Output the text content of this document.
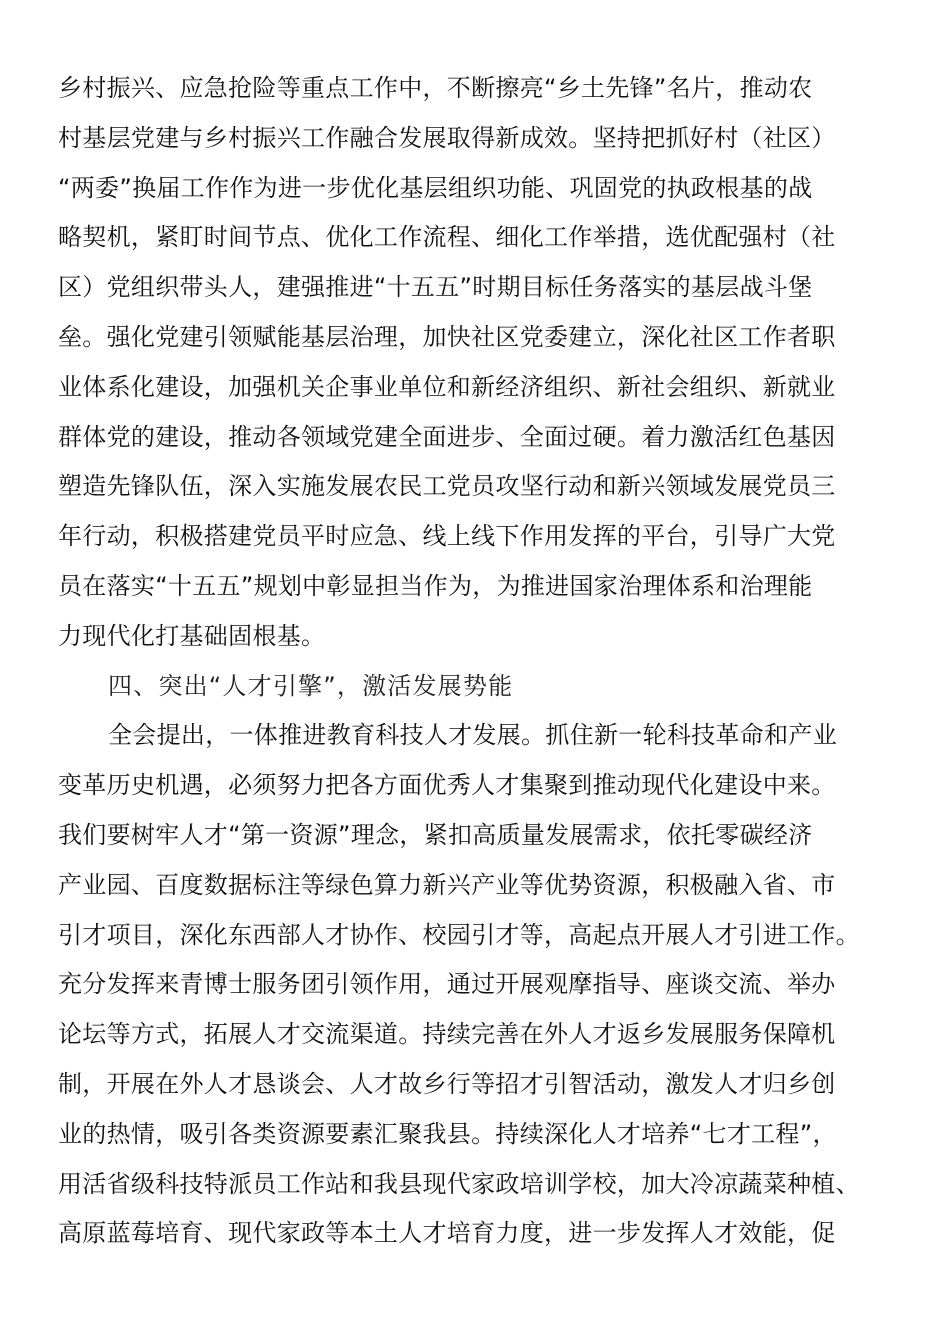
乡村振兴、应急抢险等重点工作中，不断擦亮“乡土先锋”名片，推动农
村基层党建与乡村振兴工作融合发展取得新成效。坚持把抓好村（社区）
“两委”换届工作作为进一步优化基层组织功能、巩固党的执政根基的战
略契机，紧盯时间节点、优化工作流程、细化工作举措，选优配强村（社
区）党组织带头人，建强推进“十五五”时期目标任务落实的基层战斗堡
垒。强化党建引领赋能基层治理，加快社区党委建立，深化社区工作者职
业体系化建设，加强机关企事业单位和新经济组织、新社会组织、新就业
群体党的建设，推动各领域党建全面进步、全面过硬。着力激活红色基因
塑造先锋队伍，深入实施发展农民工党员攻坚行动和新兴领域发展党员三
年行动，积极搭建党员平时应急、线上线下作用发挥的平台，引导广大党
员在落实“十五五”规划中彰显担当作为，为推进国家治理体系和治理能
力现代化打基础固根基。
四、突出“人才引擎”，激活发展势能
全会提出，一体推进教育科技人才发展。抓住新一轮科技革命和产业
变革历史机遇，必须努力把各方面优秀人才集聚到推动现代化建设中来。
我们要树牢人才“第一资源”理念，紧扣高质量发展需求，依托零碳经济
产业园、百度数据标注等绿色算力新兴产业等优势资源，积极融入省、市
引才项目，深化东西部人才协作、校园引才等，高起点开展人才引进工作。
充分发挥来青博士服务团引领作用，通过开展观摩指导、座谈交流、举办
论坛等方式，拓展人才交流渠道。持续完善在外人才返乡发展服务保障机
制，开展在外人才恳谈会、人才故乡行等招才引智活动，激发人才归乡创
业的热情，吸引各类资源要素汇聚我县。持续深化人才培养“七才工程”，
用活省级科技特派员工作站和我县现代家政培训学校，加大冷凉蔬菜种植、
高原蓝莓培育、现代家政等本土人才培育力度，进一步发挥人才效能，促
